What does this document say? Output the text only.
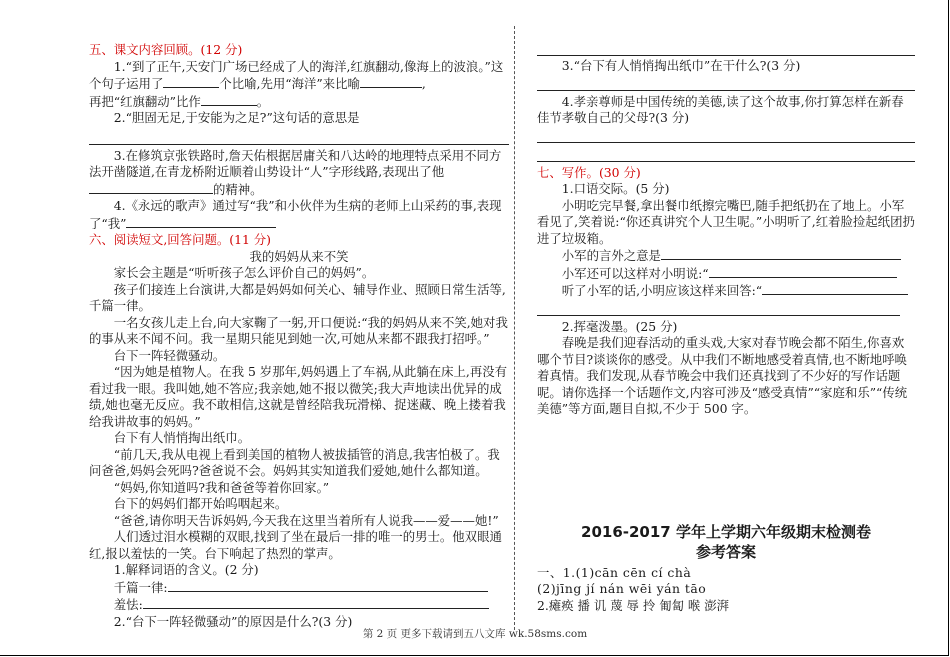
五、课文内容回顾。(12 分)

1.“到了正午,天安门广场已经成了人的海洋,红旗翻动,像海上的波浪。”这个句子运用了	个比喻,先用“海洋”来比喻	,
再把“红旗翻动”比作	。

2.“胆固无足,于安能为之足?”这句话的意思是

3.在修筑京张铁路时,詹天佑根据居庸关和八达岭的地理特点采用不同方法开凿隧道,在青龙桥附近顺着山势设计“人”字形线路,表现出了他

的精神。

4.《永远的歌声》通过写“我”和小伙伴为生病的老师上山采药的事,表现了“我”

六、阅读短文,回答问题。(11 分)

我的妈妈从来不笑

家长会主题是“听听孩子怎么评价自己的妈妈”。

孩子们接连上台演讲,大都是妈妈如何关心、辅导作业、照顾日常生活等,千篇一律。

一名女孩儿走上台,向大家鞠了一躬,开口便说:“我的妈妈从来不笑,她对我的事从来不闻不问。我一星期只能见到她一次,可她从来都不跟我打招呼。”

台下一阵轻微骚动。

“因为她是植物人。在我 5 岁那年,妈妈遇上了车祸,从此躺在床上,再没有看过我一眼。我叫她,她不答应;我亲她,她不报以微笑;我大声地读出优异的成绩,她也毫无反应。我不敢相信,这就是曾经陪我玩滑梯、捉迷藏、晚上搂着我给我讲故事的妈妈。”

台下有人悄悄掏出纸巾。

“前几天,我从电视上看到美国的植物人被拔插管的消息,我害怕极了。我问爸爸,妈妈会死吗?爸爸说不会。妈妈其实知道我们爱她,她什么都知道。

“妈妈,你知道吗?我和爸爸等着你回家。”

台下的妈妈们都开始呜咽起来。

“爸爸,请你明天告诉妈妈,今天我在这里当着所有人说我——爱——她!”

人们透过泪水模糊的双眼,找到了坐在最后一排的唯一的男士。他双眼通红,报以羞怯的一笑。台下响起了热烈的掌声。

1.解释词语的含义。(2 分)

千篇一律:

羞怯:

2.“台下一阵轻微骚动”的原因是什么?(3 分)

3.“台下有人悄悄掏出纸巾”在干什么?(3 分)

4.孝亲尊师是中国传统的美德,读了这个故事,你打算怎样在新春佳节孝敬自己的父母?(3 分)

七、写作。(30 分)

1.口语交际。(5 分)

小明吃完早餐,拿出餐巾纸擦完嘴巴,随手把纸扔在了地上。小军看见了,笑着说:“你还真讲究个人卫生呢。”小明听了,红着脸捡起纸团扔进了垃圾箱。

小军的言外之意是

小军还可以这样对小明说:“

听了小军的话,小明应该这样来回答:“

2.挥毫泼墨。(25 分)

春晚是我们迎春活动的重头戏,大家对春节晚会都不陌生,你喜欢哪个节目?谈谈你的感受。从中我们不断地感受着真情,也不断地呼唤着真情。我们发现,从春节晚会中我们还真找到了不少好的写作话题呢。请你选择一个话题作文,内容可涉及“感受真情”“家庭和乐”“传统美德”等方面,题目自拟,不少于 500 字。

2016-2017 学年上学期六年级期末检测卷

参考答案

一、1.(1)cān cēn cí chà

(2)jīng jí nán wēi yán tāo

2.瘫痪 播 讥 蔑 辱 拎 匍匐 喉 澎湃

第 2 页 更多下载请到五八文库 wk.58sms.com
